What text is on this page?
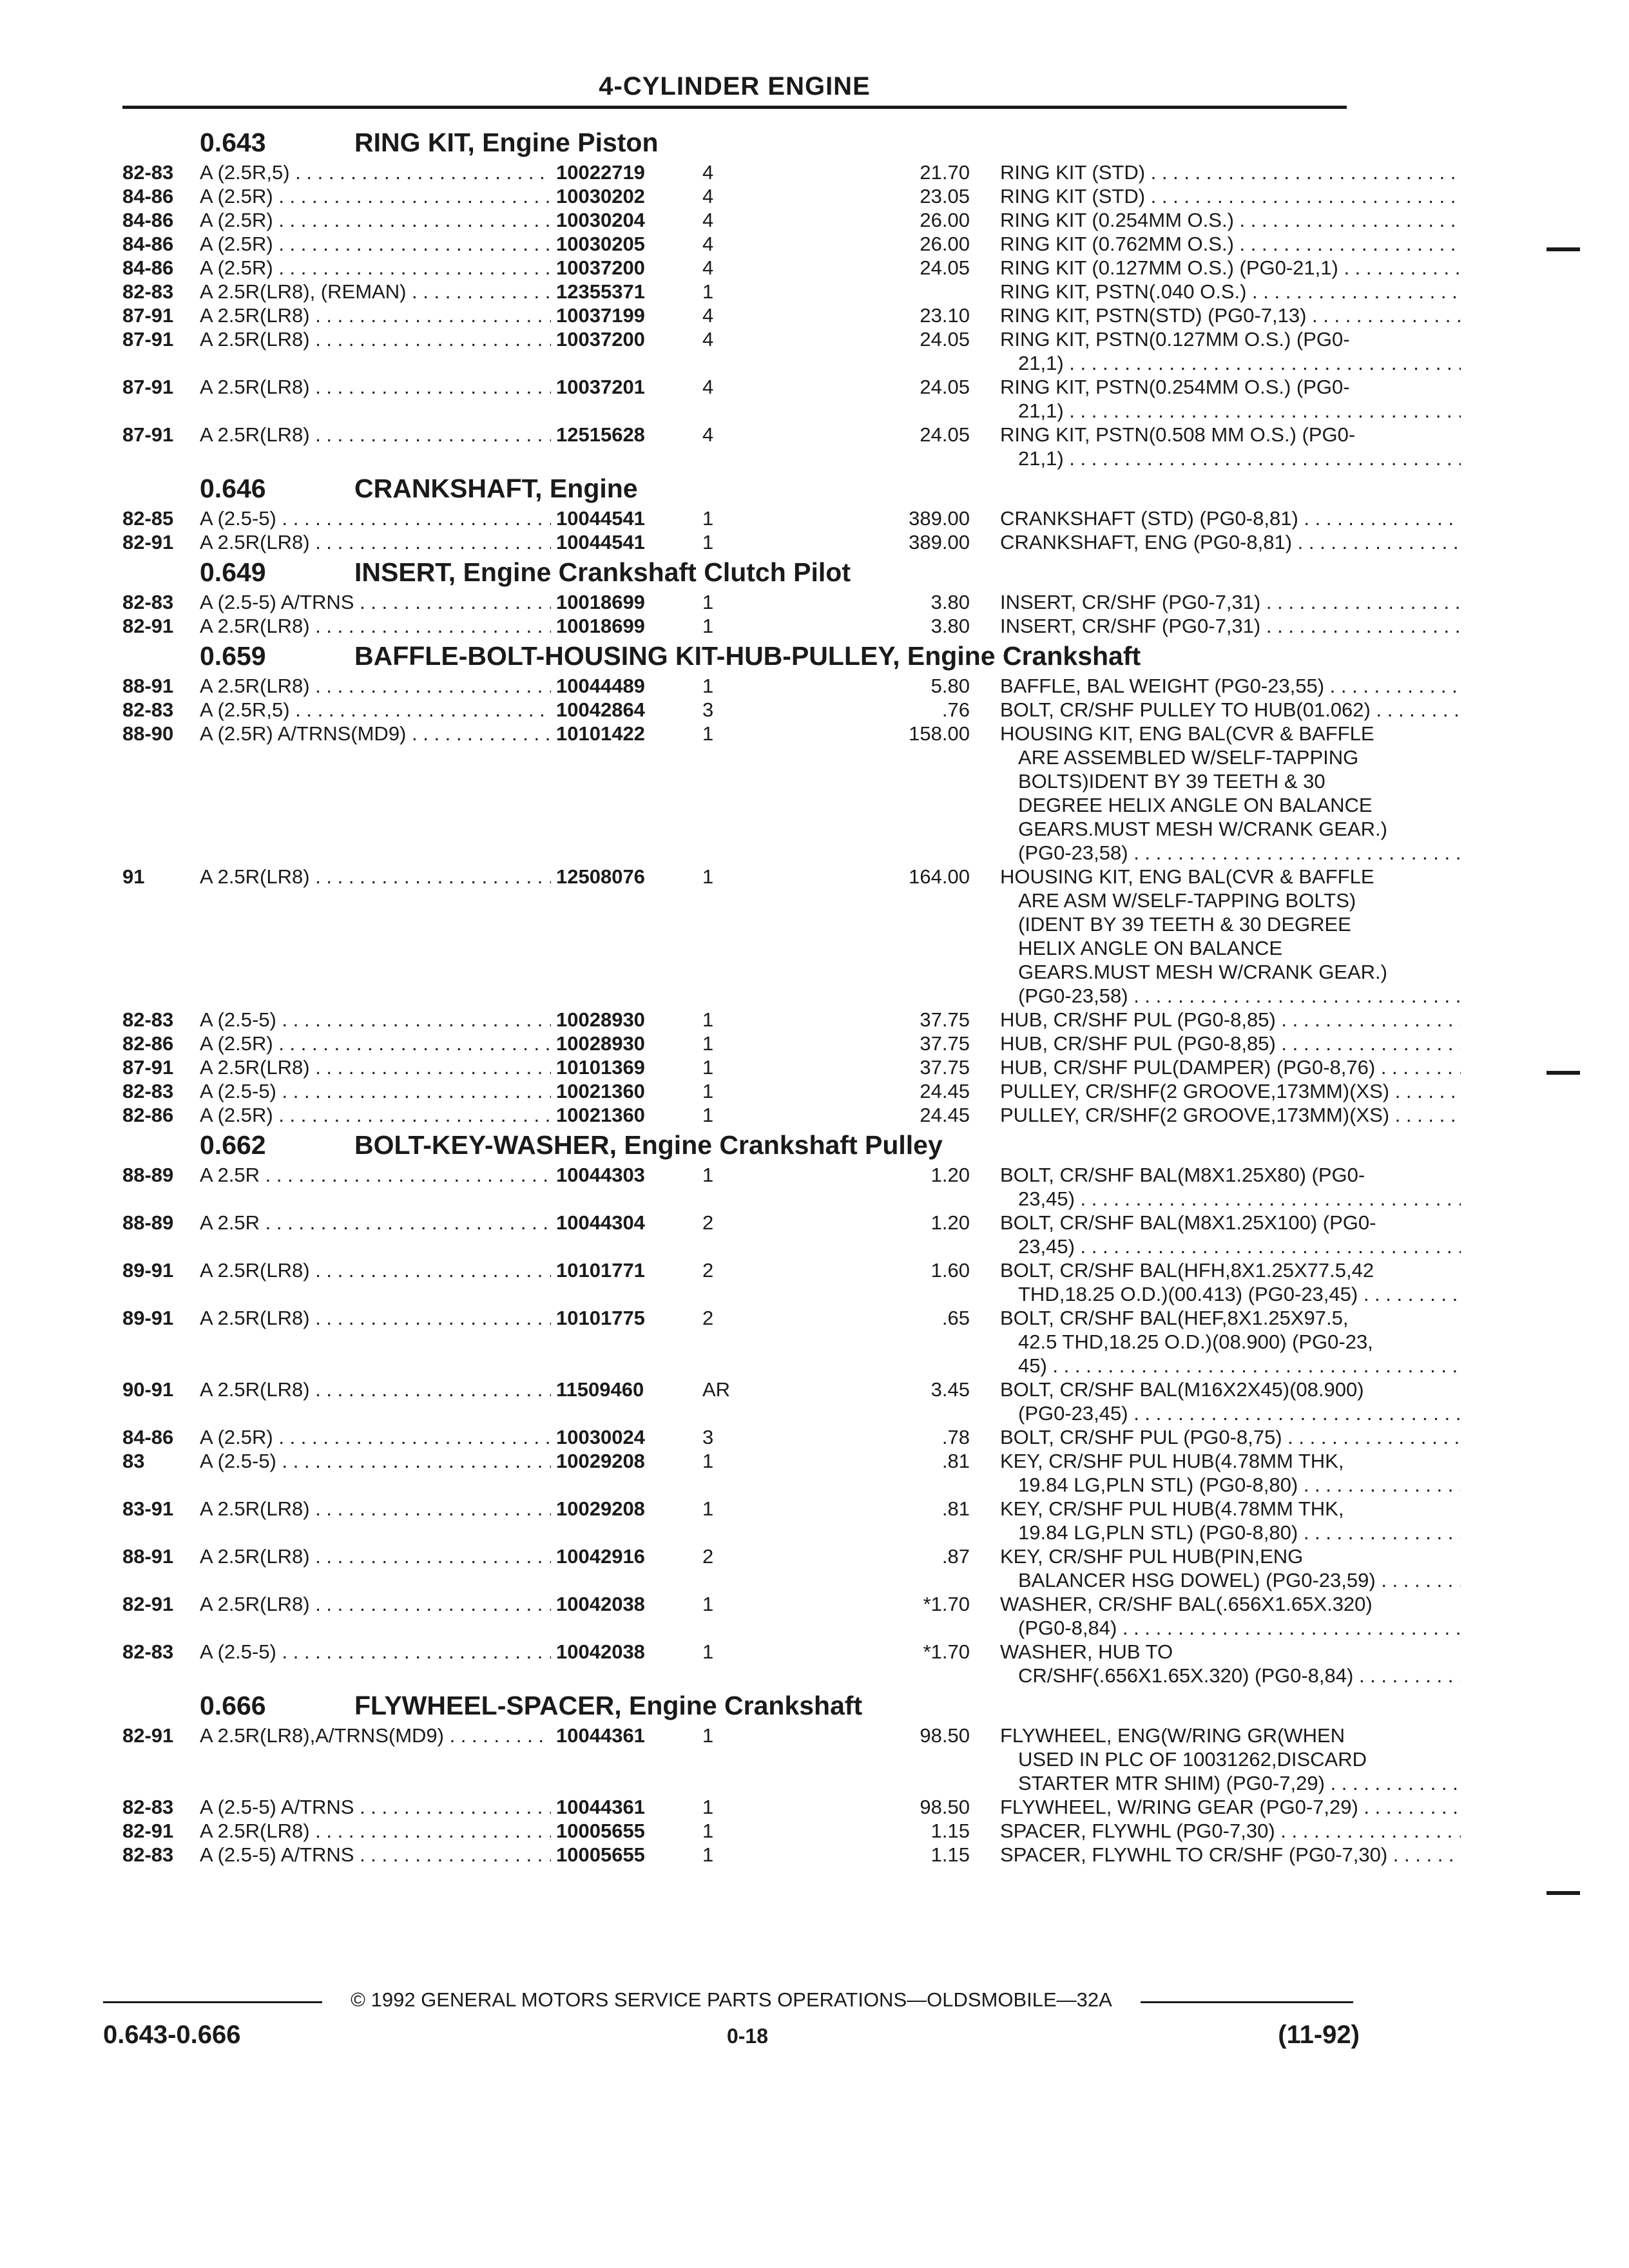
4-CYLINDER ENGINE
0.643	RING KIT, Engine Piston
82-83 A (2.5R,5) . . .	10022719	4	21.70 RING KIT (STD) . . .
84-86 A (2.5R) . . .	10030202	4	23.05 RING KIT (STD) . . .
84-86 A (2.5R) . . .	10030204	4	26.00 RING KIT (0.254MM O.S.) . . .
84-86 A (2.5R) . . .	10030205	4	26.00 RING KIT (0.762MM O.S.) . . .
84-86 A (2.5R) . . .	10037200	4	24.05 RING KIT (0.127MM O.S.) (PG0-21,1) . . .
82-83 A 2.5R(LR8), (REMAN) . . .	12355371	1	RING KIT, PSTN(.040 O.S.) . . .
87-91 A 2.5R(LR8) . . .	10037199	4	23.10 RING KIT, PSTN(STD) (PG0-7,13) . . .
87-91 A 2.5R(LR8) . . .	10037200	4	24.05 RING KIT, PSTN(0.127MM O.S.) (PG0-
21,1) . . .
87-91 A 2.5R(LR8) . . .	10037201	4	24.05 RING KIT, PSTN(0.254MM O.S.) (PG0-
21,1) . . .
87-91 A 2.5R(LR8) . . .	12515628	4	24.05 RING KIT, PSTN(0.508 MM O.S.) (PG0-
21,1) . . .
0.646	CRANKSHAFT, Engine
82-85 A (2.5-5) . . .	10044541	1	389.00 CRANKSHAFT (STD) (PG0-8,81) . . .
82-91 A 2.5R(LR8) . . .	10044541	1	389.00 CRANKSHAFT, ENG (PG0-8,81) . . .
0.649	INSERT, Engine Crankshaft Clutch Pilot
82-83 A (2.5-5) A/TRNS . . .	10018699	1	3.80 INSERT, CR/SHF (PG0-7,31) . . .
82-91 A 2.5R(LR8) . . .	10018699	1	3.80 INSERT, CR/SHF (PG0-7,31) . . .
0.659	BAFFLE-BOLT-HOUSING KIT-HUB-PULLEY, Engine Crankshaft
88-91 A 2.5R(LR8) . . .	10044489	1	5.80 BAFFLE, BAL WEIGHT (PG0-23,55) . . .
82-83 A (2.5R,5) . . .	10042864	3	.76 BOLT, CR/SHF PULLEY TO HUB(01.062) . . .
88-90 A (2.5R) A/TRNS(MD9) . . .	10101422	1	158.00 HOUSING KIT, ENG BAL(CVR & BAFFLE
ARE ASSEMBLED W/SELF-TAPPING
BOLTS)IDENT BY 39 TEETH & 30
DEGREE HELIX ANGLE ON BALANCE
GEARS.MUST MESH W/CRANK GEAR.)
(PG0-23,58) . . .
91	A 2.5R(LR8) . . .	12508076	1	164.00 HOUSING KIT, ENG BAL(CVR & BAFFLE
ARE ASM W/SELF-TAPPING BOLTS)
(IDENT BY 39 TEETH & 30 DEGREE
HELIX ANGLE ON BALANCE
GEARS.MUST MESH W/CRANK GEAR.)
(PG0-23,58) . . .
82-83 A (2.5-5) . . .	10028930	1	37.75 HUB, CR/SHF PUL (PG0-8,85) . . .
82-86 A (2.5R) . . .	10028930	1	37.75 HUB, CR/SHF PUL (PG0-8,85) . . .
87-91 A 2.5R(LR8) . . .	10101369	1	37.75 HUB, CR/SHF PUL(DAMPER) (PG0-8,76) . . .
82-83 A (2.5-5) . . .	10021360	1	24.45 PULLEY, CR/SHF(2 GROOVE,173MM)(XS) . . .
82-86 A (2.5R) . . .	10021360	1	24.45 PULLEY, CR/SHF(2 GROOVE,173MM)(XS) . . .
0.662	BOLT-KEY-WASHER, Engine Crankshaft Pulley
88-89 A 2.5R . . .	10044303	1	1.20 BOLT, CR/SHF BAL(M8X1.25X80) (PG0-
23,45) . . .
88-89 A 2.5R . . .	10044304	2	1.20 BOLT, CR/SHF BAL(M8X1.25X100) (PG0-
23,45) . . .
89-91 A 2.5R(LR8) . . .	10101771	2	1.60 BOLT, CR/SHF BAL(HFH,8X1.25X77.5,42
THD,18.25 O.D.)(00.413) (PG0-23,45) . . .
89-91 A 2.5R(LR8) . . .	10101775	2	.65 BOLT, CR/SHF BAL(HEF,8X1.25X97.5,
42.5 THD,18.25 O.D.)(08.900) (PG0-23,
45) . . .
90-91 A 2.5R(LR8) . . .	11509460	AR	3.45 BOLT, CR/SHF BAL(M16X2X45)(08.900)
(PG0-23,45) . . .
84-86 A (2.5R) . . .	10030024	3	.78 BOLT, CR/SHF PUL (PG0-8,75) . . .
83	A (2.5-5) . . .	10029208	1	.81 KEY, CR/SHF PUL HUB(4.78MM THK,
19.84 LG,PLN STL) (PG0-8,80) . . .
83-91 A 2.5R(LR8) . . .	10029208	1	.81 KEY, CR/SHF PUL HUB(4.78MM THK,
19.84 LG,PLN STL) (PG0-8,80) . . .
88-91 A 2.5R(LR8) . . .	10042916	2	.87 KEY, CR/SHF PUL HUB(PIN,ENG
BALANCER HSG DOWEL) (PG0-23,59) . . .
82-91 A 2.5R(LR8) . . .	10042038	1	*1.70 WASHER, CR/SHF BAL(.656X1.65X.320)
(PG0-8,84) . . .
82-83 A (2.5-5) . . .	10042038	1	*1.70 WASHER, HUB TO
CR/SHF(.656X1.65X.320) (PG0-8,84) . . .
0.666	FLYWHEEL-SPACER, Engine Crankshaft
82-91 A 2.5R(LR8),A/TRNS(MD9) . . .	10044361	1	98.50 FLYWHEEL, ENG(W/RING GR(WHEN
USED IN PLC OF 10031262,DISCARD
STARTER MTR SHIM) (PG0-7,29) . . .
82-83 A (2.5-5) A/TRNS . . .	10044361	1	98.50 FLYWHEEL, W/RING GEAR (PG0-7,29) . . .
82-91 A 2.5R(LR8) . . .	10005655	1	1.15 SPACER, FLYWHL (PG0-7,30) . . .
82-83 A (2.5-5) A/TRNS . . .	10005655	1	1.15 SPACER, FLYWHL TO CR/SHF (PG0-7,30) . . .
© 1992 GENERAL MOTORS SERVICE PARTS OPERATIONS—OLDSMOBILE—32A
0.643-0.666	0-18	(11-92)
